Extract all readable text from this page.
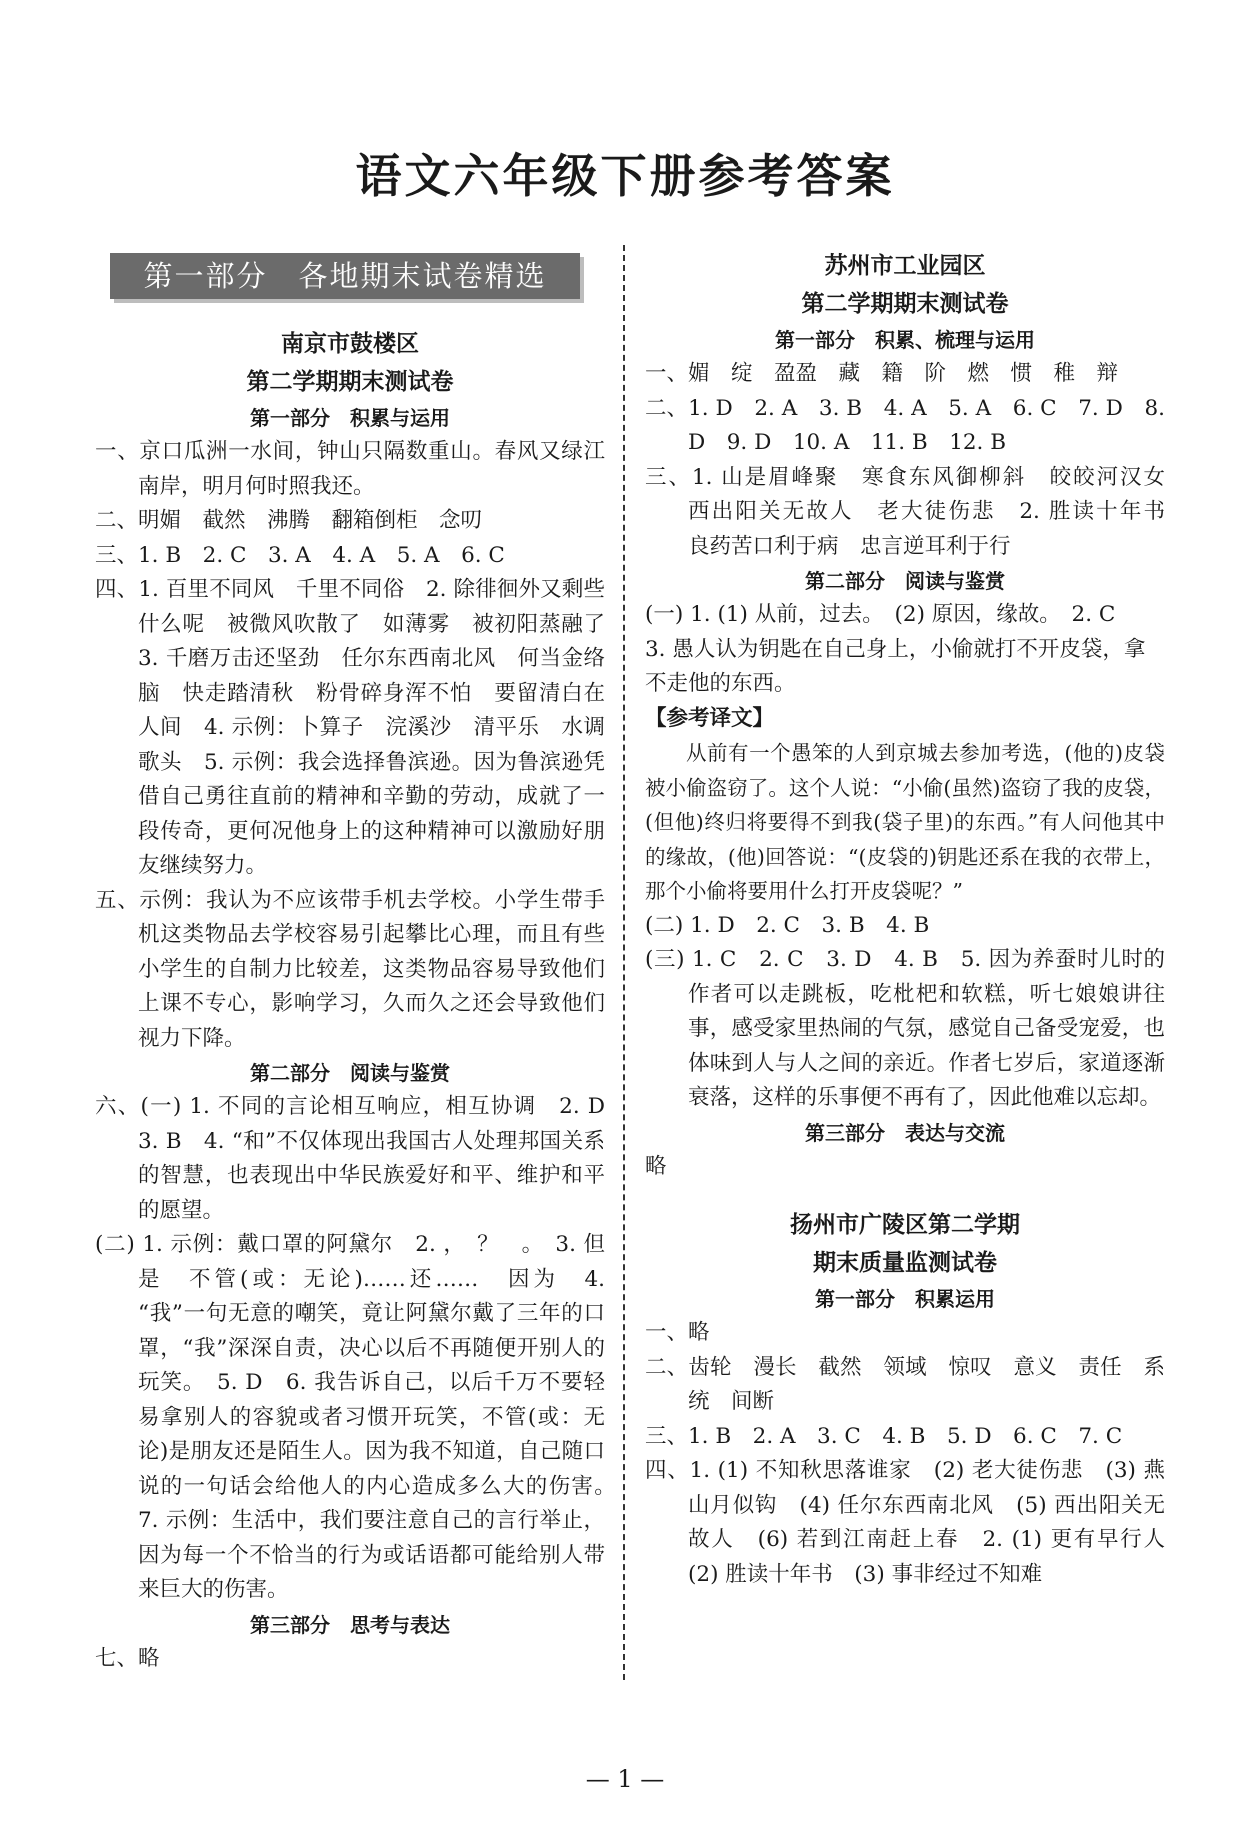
语文六年级下册参考答案
第一部分　各地期末试卷精选
南京市鼓楼区
第二学期期末测试卷
第一部分　积累与运用
一、京口瓜洲一水间，钟山只隔数重山。春风又绿江南岸，明月何时照我还。
二、明媚　截然　沸腾　翻箱倒柜　念叨
三、1. B　2. C　3. A　4. A　5. A　6. C
四、1. 百里不同风　千里不同俗　2. 除徘徊外又剩些什么呢　被微风吹散了　如薄雾　被初阳蒸融了　3. 千磨万击还坚劲　任尔东西南北风　何当金络脑　快走踏清秋　粉骨碎身浑不怕　要留清白在人间　4. 示例：卜算子　浣溪沙　清平乐　水调歌头　5. 示例：我会选择鲁滨逊。因为鲁滨逊凭借自己勇往直前的精神和辛勤的劳动，成就了一段传奇，更何况他身上的这种精神可以激励好朋友继续努力。
五、示例：我认为不应该带手机去学校。小学生带手机这类物品去学校容易引起攀比心理，而且有些小学生的自制力比较差，这类物品容易导致他们上课不专心，影响学习，久而久之还会导致他们视力下降。
第二部分　阅读与鉴赏
六、(一) 1. 不同的言论相互响应，相互协调　2. D　3. B　4. “和”不仅体现出我国古人处理邦国关系的智慧，也表现出中华民族爱好和平、维护和平的愿望。
(二) 1. 示例：戴口罩的阿黛尔　2. ，　？　。　3. 但是　不管(或：无论)……还……　因为　4. “我”一句无意的嘲笑，竟让阿黛尔戴了三年的口罩，“我”深深自责，决心以后不再随便开别人的玩笑。　5. D　6. 我告诉自己，以后千万不要轻易拿别人的容貌或者习惯开玩笑，不管(或：无论)是朋友还是陌生人。因为我不知道，自己随口说的一句话会给他人的内心造成多么大的伤害。　7. 示例：生活中，我们要注意自己的言行举止，因为每一个不恰当的行为或话语都可能给别人带来巨大的伤害。
第三部分　思考与表达
七、略
苏州市工业园区
第二学期期末测试卷
第一部分　积累、梳理与运用
一、媚　绽　盈盈　藏　籍　阶　燃　惯　稚　辩
二、1. D　2. A　3. B　4. A　5. A　6. C　7. D　8. D　9. D　10. A　11. B　12. B
三、1. 山是眉峰聚　寒食东风御柳斜　皎皎河汉女　西出阳关无故人　老大徒伤悲　2. 胜读十年书　良药苦口利于病　忠言逆耳利于行
第二部分　阅读与鉴赏
(一) 1. (1) 从前，过去。　(2) 原因，缘故。　2. C
3. 愚人认为钥匙在自己身上，小偷就打不开皮袋，拿不走他的东西。
【参考译文】
从前有一个愚笨的人到京城去参加考选，(他的)皮袋被小偷盗窃了。这个人说：“小偷(虽然)盗窃了我的皮袋，(但他)终归将要得不到我(袋子里)的东西。”有人问他其中的缘故，(他)回答说：“(皮袋的)钥匙还系在我的衣带上，那个小偷将要用什么打开皮袋呢？”
(二) 1. D　2. C　3. B　4. B
(三) 1. C　2. C　3. D　4. B　5. 因为养蚕时儿时的作者可以走跳板，吃枇杷和软糕，听七娘娘讲往事，感受家里热闹的气氛，感觉自己备受宠爱，也体味到人与人之间的亲近。作者七岁后，家道逐渐衰落，这样的乐事便不再有了，因此他难以忘却。
第三部分　表达与交流
略
扬州市广陵区第二学期
期末质量监测试卷
第一部分　积累运用
一、略
二、齿轮　漫长　截然　领域　惊叹　意义　责任　系统　间断
三、1. B　2. A　3. C　4. B　5. D　6. C　7. C
四、1. (1) 不知秋思落谁家　(2) 老大徒伤悲　(3) 燕山月似钩　(4) 任尔东西南北风　(5) 西出阳关无故人　(6) 若到江南赶上春　2. (1) 更有早行人　(2) 胜读十年书　(3) 事非经过不知难
— 1 —
